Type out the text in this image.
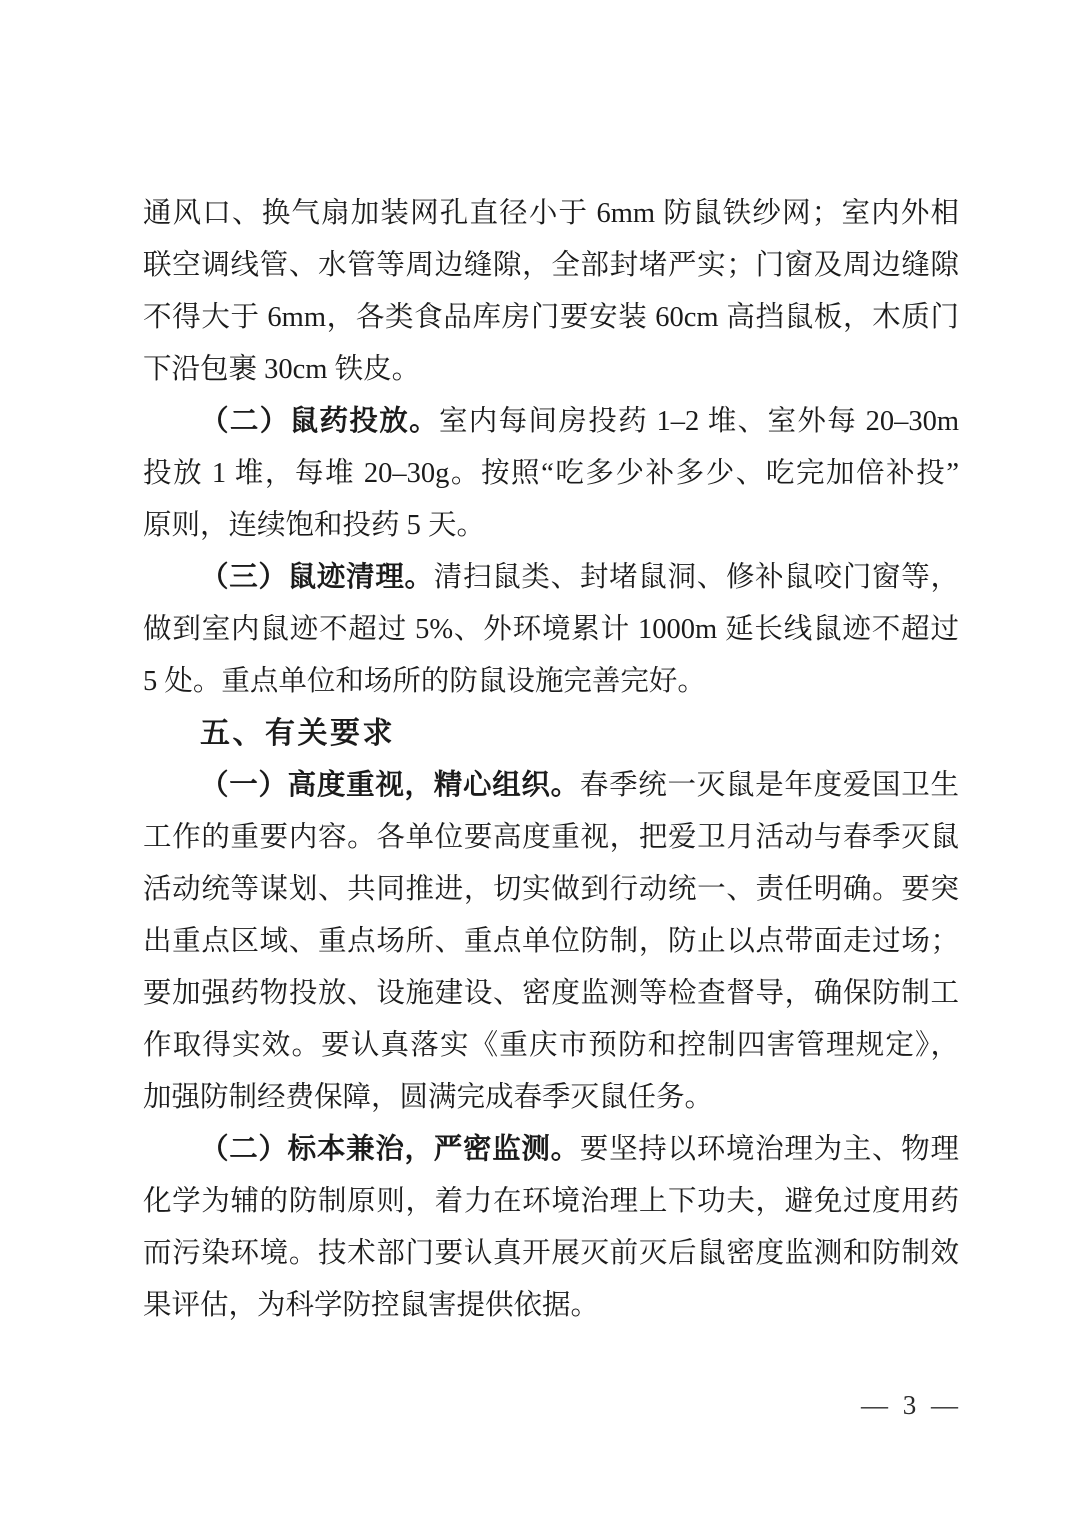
通风口、换气扇加装网孔直径小于 6mm 防鼠铁纱网；室内外相
联空调线管、水管等周边缝隙，全部封堵严实；门窗及周边缝隙
不得大于 6mm，各类食品库房门要安装 60cm 高挡鼠板，木质门
下沿包裹 30cm 铁皮。
（二）鼠药投放。室内每间房投药 1–2 堆、室外每 20–30m
投放 1 堆，每堆 20–30g。按照“吃多少补多少、吃完加倍补投”
原则，连续饱和投药 5 天。
（三）鼠迹清理。清扫鼠类、封堵鼠洞、修补鼠咬门窗等，
做到室内鼠迹不超过 5%、外环境累计 1000m 延长线鼠迹不超过
5 处。重点单位和场所的防鼠设施完善完好。
五、有关要求
（一）高度重视，精心组织。春季统一灭鼠是年度爱国卫生
工作的重要内容。各单位要高度重视，把爱卫月活动与春季灭鼠
活动统等谋划、共同推进，切实做到行动统一、责任明确。要突
出重点区域、重点场所、重点单位防制，防止以点带面走过场；
要加强药物投放、设施建设、密度监测等检查督导，确保防制工
作取得实效。要认真落实《重庆市预防和控制四害管理规定》，
加强防制经费保障，圆满完成春季灭鼠任务。
（二）标本兼治，严密监测。要坚持以环境治理为主、物理
化学为辅的防制原则，着力在环境治理上下功夫，避免过度用药
而污染环境。技术部门要认真开展灭前灭后鼠密度监测和防制效
果评估，为科学防控鼠害提供依据。
— 3 —
